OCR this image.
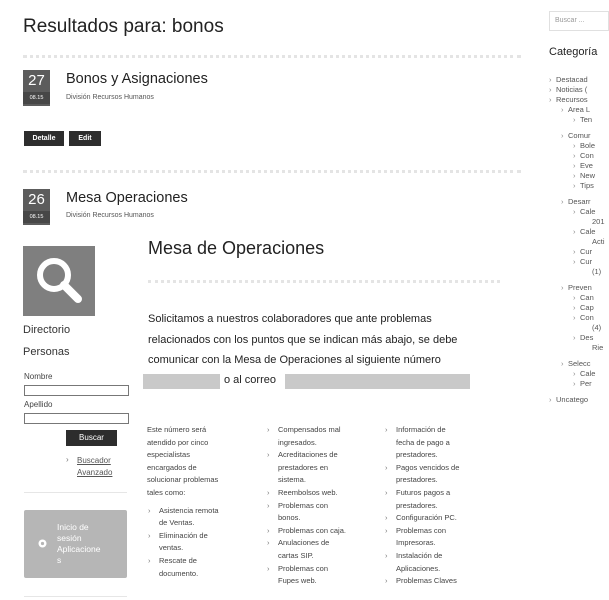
Resultados para: bonos
27
08.15
Bonos y Asignaciones
División Recursos Humanos
Detalle	Edit
26
08.15
Mesa Operaciones
División Recursos Humanos
Directorio
Personas
Nombre
Apellido
Buscar
› Buscador
Avanzado
Inicio de
sesión
Aplicacione
s
Mesa de Operaciones
Solicitamos a nuestros colaboradores que ante problemas
relacionados con los puntos que se indican más abajo, se debe
comunicar con la Mesa de Operaciones al siguiente número
o al correo
Este número será
atendido por cinco
especialistas
encargados de
solucionar problemas
tales como:
› Asistencia remota
de Ventas.
› Eliminación de
ventas.
› Rescate de
documento.
› Compensados mal
ingresados.
› Acreditaciones de
prestadores en
sistema.
› Reembolsos web.
› Problemas con
bonos.
› Problemas con caja.
› Anulaciones de
cartas SIP.
› Problemas con
Fupes web.
› Información de
fecha de pago a
prestadores.
› Pagos vencidos de
prestadores.
› Futuros pagos a
prestadores.
› Configuración PC.
› Problemas con
Impresoras.
› Instalación de
Aplicaciones.
› Problemas Claves
Buscar ...
Categoría
› Destacad
› Noticias (
› Recursos
› Area L
› Ten
› Comur
› Bole
› Con
› Eve
› New
› Tips
› Desarr
› Cale
201
› Cale
Acti
› Cur
› Cur
(1)
› Preven
› Can
› Cap
› Con
(4)
› Des
Rie
› Selecc
› Cale
› Per
› Uncatego
